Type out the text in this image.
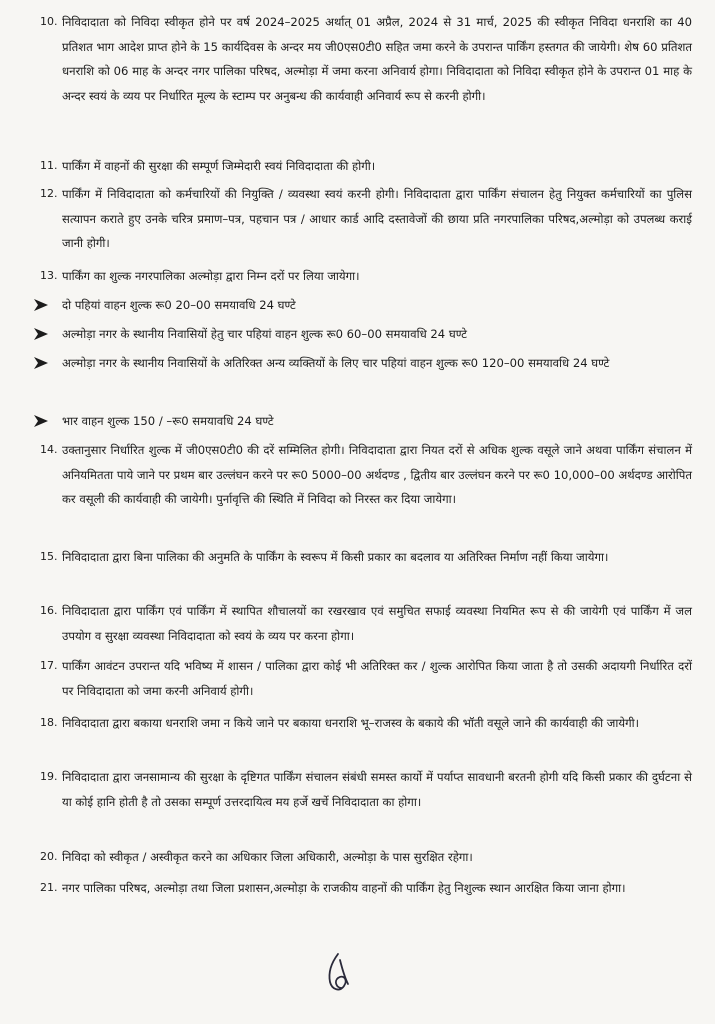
10. निविदादाता को निविदा स्वीकृत होने पर वर्ष 2024–2025 अर्थात् 01 अप्रैल, 2024 से 31 मार्च, 2025 की स्वीकृत निविदा धनराशि का 40 प्रतिशत भाग आदेश प्राप्त होने के 15 कार्यदिवस के अन्दर मय जी0एस0टी0 सहित जमा करने के उपरान्त पार्किंग हस्तगत की जायेगी। शेष 60 प्रतिशत धनराशि को 06 माह के अन्दर नगर पालिका परिषद, अल्मोड़ा में जमा करना अनिवार्य होगा। निविदादाता को निविदा स्वीकृत होने के उपरान्त 01 माह के अन्दर स्वयं के व्यय पर निर्धारित मूल्य के स्टाम्प पर अनुबन्ध की कार्यवाही अनिवार्य रूप से करनी होगी।
11. पार्किंग में वाहनों की सुरक्षा की सम्पूर्ण जिम्मेदारी स्वयं निविदादाता की होगी।
12. पार्किंग में निविदादाता को कर्मचारियों की नियुक्ति / व्यवस्था स्वयं करनी होगी। निविदादाता द्वारा पार्किंग संचालन हेतु नियुक्त कर्मचारियों का पुलिस सत्यापन कराते हुए उनके चरित्र प्रमाण–पत्र, पहचान पत्र / आधार कार्ड आदि दस्तावेजों की छाया प्रति नगरपालिका परिषद,अल्मोड़ा को उपलब्ध कराई जानी होगी।
13. पार्किंग का शुल्क नगरपालिका अल्मोड़ा द्वारा निम्न दरों पर लिया जायेगा।
दो पहियां वाहन शुल्क रू0 20–00 समयावधि 24 घण्टे
अल्मोड़ा नगर के स्थानीय निवासियों हेतु चार पहियां वाहन शुल्क रू0 60–00 समयावधि 24 घण्टे
अल्मोड़ा नगर के स्थानीय निवासियों के अतिरिक्त अन्य व्यक्तियों के लिए चार पहियां वाहन शुल्क रू0 120–00 समयावधि 24 घण्टे
भार वाहन शुल्क 150 / –रू0 समयावधि 24 घण्टे
14. उक्तानुसार निर्धारित शुल्क में जी0एस0टी0 की दरें सम्मिलित होगी। निविदादाता द्वारा नियत दरों से अधिक शुल्क वसूले जाने अथवा पार्किंग संचालन में अनियमितता पाये जाने पर प्रथम बार उल्लंघन करने पर रू0 5000–00 अर्थदण्ड , द्वितीय बार उल्लंघन करने पर रू0 10,000–00 अर्थदण्ड आरोपित कर वसूली की कार्यवाही की जायेगी। पुर्नावृत्ति की स्थिति में निविदा को निरस्त कर दिया जायेगा।
15. निविदादाता द्वारा बिना पालिका की अनुमति के पार्किंग के स्वरूप में किसी प्रकार का बदलाव या अतिरिक्त निर्माण नहीं किया जायेगा।
16. निविदादाता द्वारा पार्किंग एवं पार्किंग में स्थापित शौचालयों का रखरखाव एवं समुचित सफाई व्यवस्था नियमित रूप से की जायेगी एवं पार्किंग में जल उपयोग व सुरक्षा व्यवस्था निविदादाता को स्वयं के व्यय पर करना होगा।
17. पार्किंग आवंटन उपरान्त यदि भविष्य में शासन / पालिका द्वारा कोई भी अतिरिक्त कर / शुल्क आरोपित किया जाता है तो उसकी अदायगी निर्धारित दरों पर निविदादाता को जमा करनी अनिवार्य होगी।
18. निविदादाता द्वारा बकाया धनराशि जमा न किये जाने पर बकाया धनराशि भू–राजस्व के बकाये की भॉती वसूले जाने की कार्यवाही की जायेगी।
19. निविदादाता द्वारा जनसामान्य की सुरक्षा के दृष्टिगत पार्किंग संचालन संबंधी समस्त कार्यो में पर्याप्त सावधानी बरतनी होगी यदि किसी प्रकार की दुर्घटना से या कोई हानि होती है तो उसका सम्पूर्ण उत्तरदायित्व मय हर्जे खर्चे निविदादाता का होगा।
20. निविदा को स्वीकृत / अस्वीकृत करने का अधिकार जिला अधिकारी, अल्मोड़ा के पास सुरक्षित रहेगा।
21. नगर पालिका परिषद, अल्मोड़ा तथा जिला प्रशासन,अल्मोड़ा के राजकीय वाहनों की पार्किंग हेतु निशुल्क स्थान आरक्षित किया जाना होगा।
